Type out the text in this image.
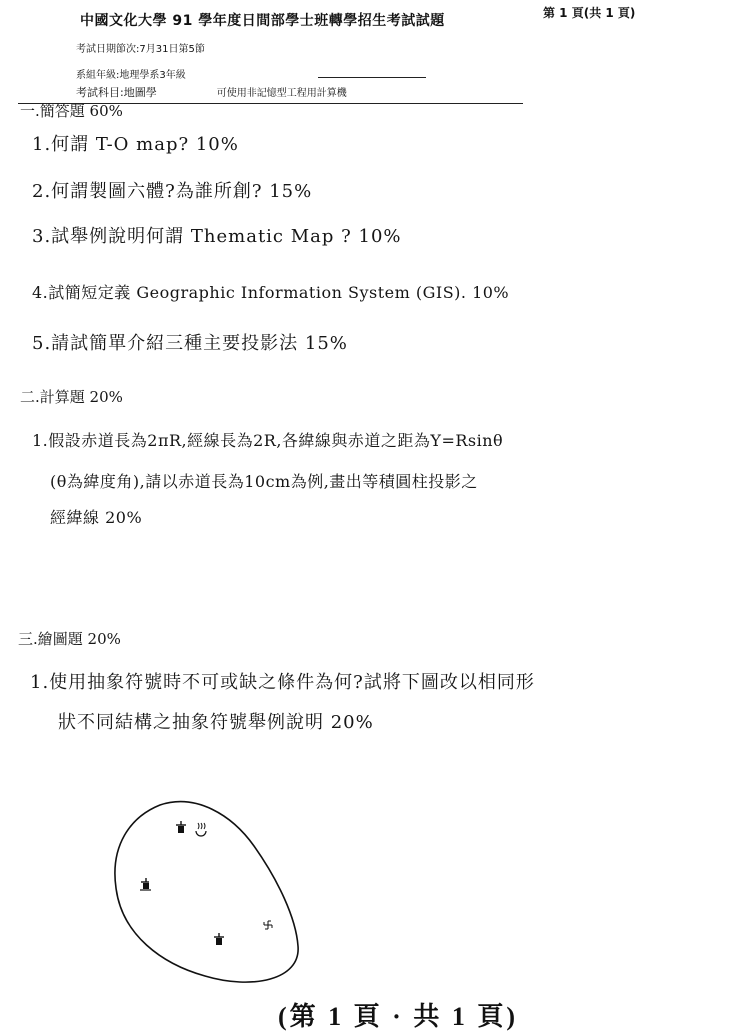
中國文化大學 91 學年度日間部學士班轉學招生考試試題	第 1 頁(共 1 頁)
考試日期節次:7月31日第5節
系組年級:地理學系3年級
考試科目:地圖學	可使用非記憶型工程用計算機
一.簡答題 60%
1.何謂 T-O map? 10%
2.何謂製圖六體?為誰所創? 15%
3.試舉例說明何謂 Thematic Map ? 10%
4.試簡短定義 Geographic Information System (GIS). 10%
5.請試簡單介紹三種主要投影法 15%
二.計算題 20%
1.假設赤道長為2πR,經線長為2R,各緯線與赤道之距為Y=Rsinθ
(θ為緯度角),請以赤道長為10cm為例,畫出等積圓柱投影之
經緯線 20%
三.繪圖題 20%
1.使用抽象符號時不可或缺之條件為何?試將下圖改以相同形
狀不同結構之抽象符號舉例說明 20%
(第 1 頁 · 共 1 頁)
